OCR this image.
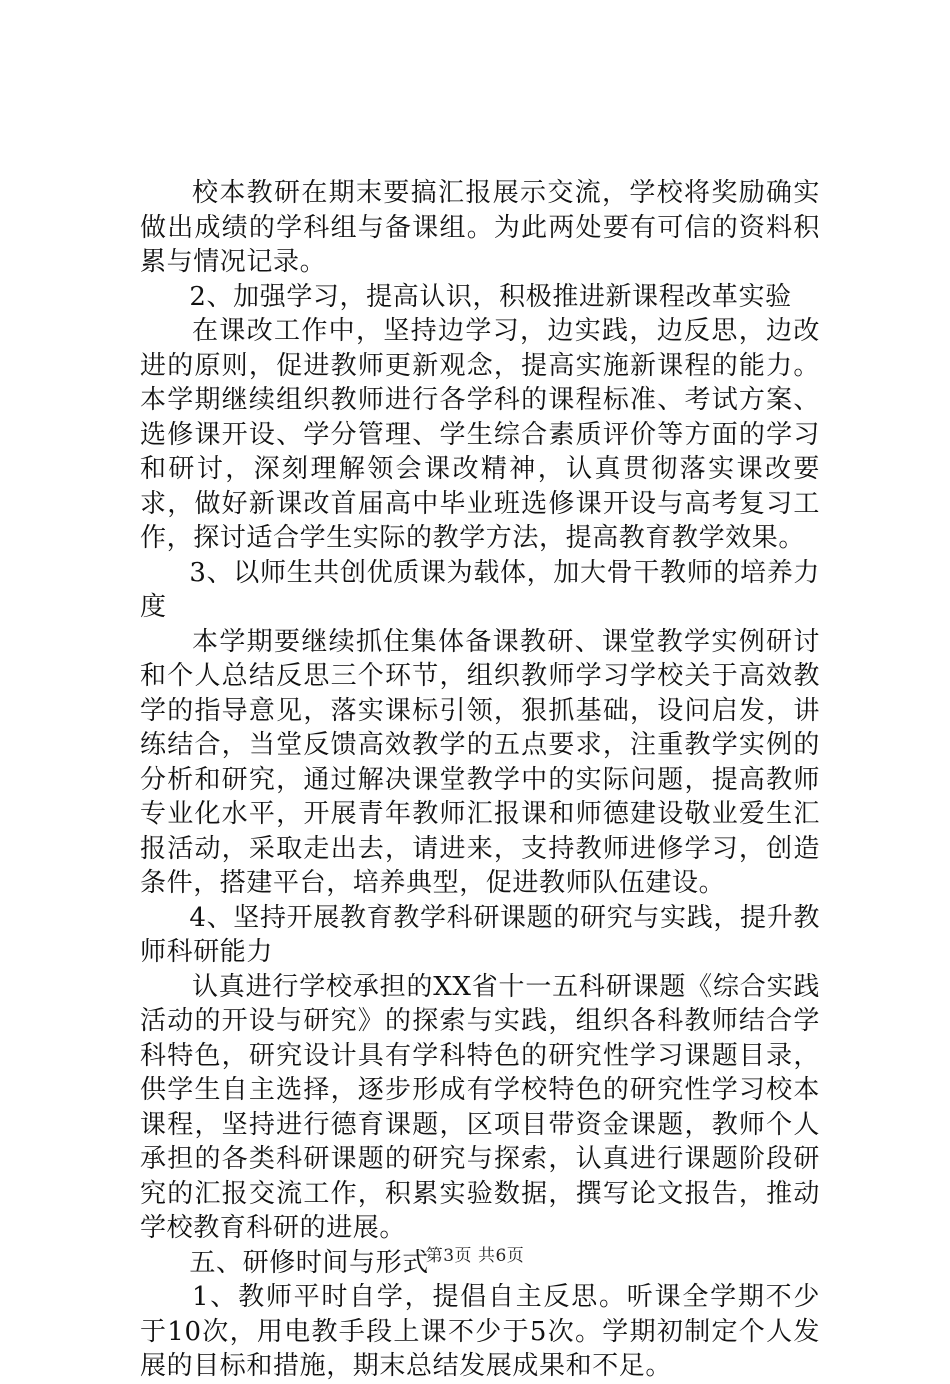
校本教研在期末要搞汇报展示交流，学校将奖励确实做出成绩的学科组与备课组。为此两处要有可信的资料积累与情况记录。

2、加强学习，提高认识，积极推进新课程改革实验

在课改工作中，坚持边学习，边实践，边反思，边改进的原则，促进教师更新观念，提高实施新课程的能力。本学期继续组织教师进行各学科的课程标准、考试方案、选修课开设、学分管理、学生综合素质评价等方面的学习和研讨，深刻理解领会课改精神，认真贯彻落实课改要求，做好新课改首届高中毕业班选修课开设与高考复习工作，探讨适合学生实际的教学方法，提高教育教学效果。

3、以师生共创优质课为载体，加大骨干教师的培养力度

本学期要继续抓住集体备课教研、课堂教学实例研讨和个人总结反思三个环节，组织教师学习学校关于高效教学的指导意见，落实课标引领，狠抓基础，设问启发，讲练结合，当堂反馈高效教学的五点要求，注重教学实例的分析和研究，通过解决课堂教学中的实际问题，提高教师专业化水平，开展青年教师汇报课和师德建设敬业爱生汇报活动，采取走出去，请进来，支持教师进修学习，创造条件，搭建平台，培养典型，促进教师队伍建设。

4、坚持开展教育教学科研课题的研究与实践，提升教师科研能力

认真进行学校承担的XX省十一五科研课题《综合实践活动的开设与研究》的探索与实践，组织各科教师结合学科特色，研究设计具有学科特色的研究性学习课题目录，供学生自主选择，逐步形成有学校特色的研究性学习校本课程，坚持进行德育课题，区项目带资金课题，教师个人承担的各类科研课题的研究与探索，认真进行课题阶段研究的汇报交流工作，积累实验数据，撰写论文报告，推动学校教育科研的进展。

五、研修时间与形式

1、教师平时自学，提倡自主反思。听课全学期不少于10次，用电教手段上课不少于5次。学期初制定个人发展的目标和措施，期末总结发展成果和不足。

第3页 共6页
